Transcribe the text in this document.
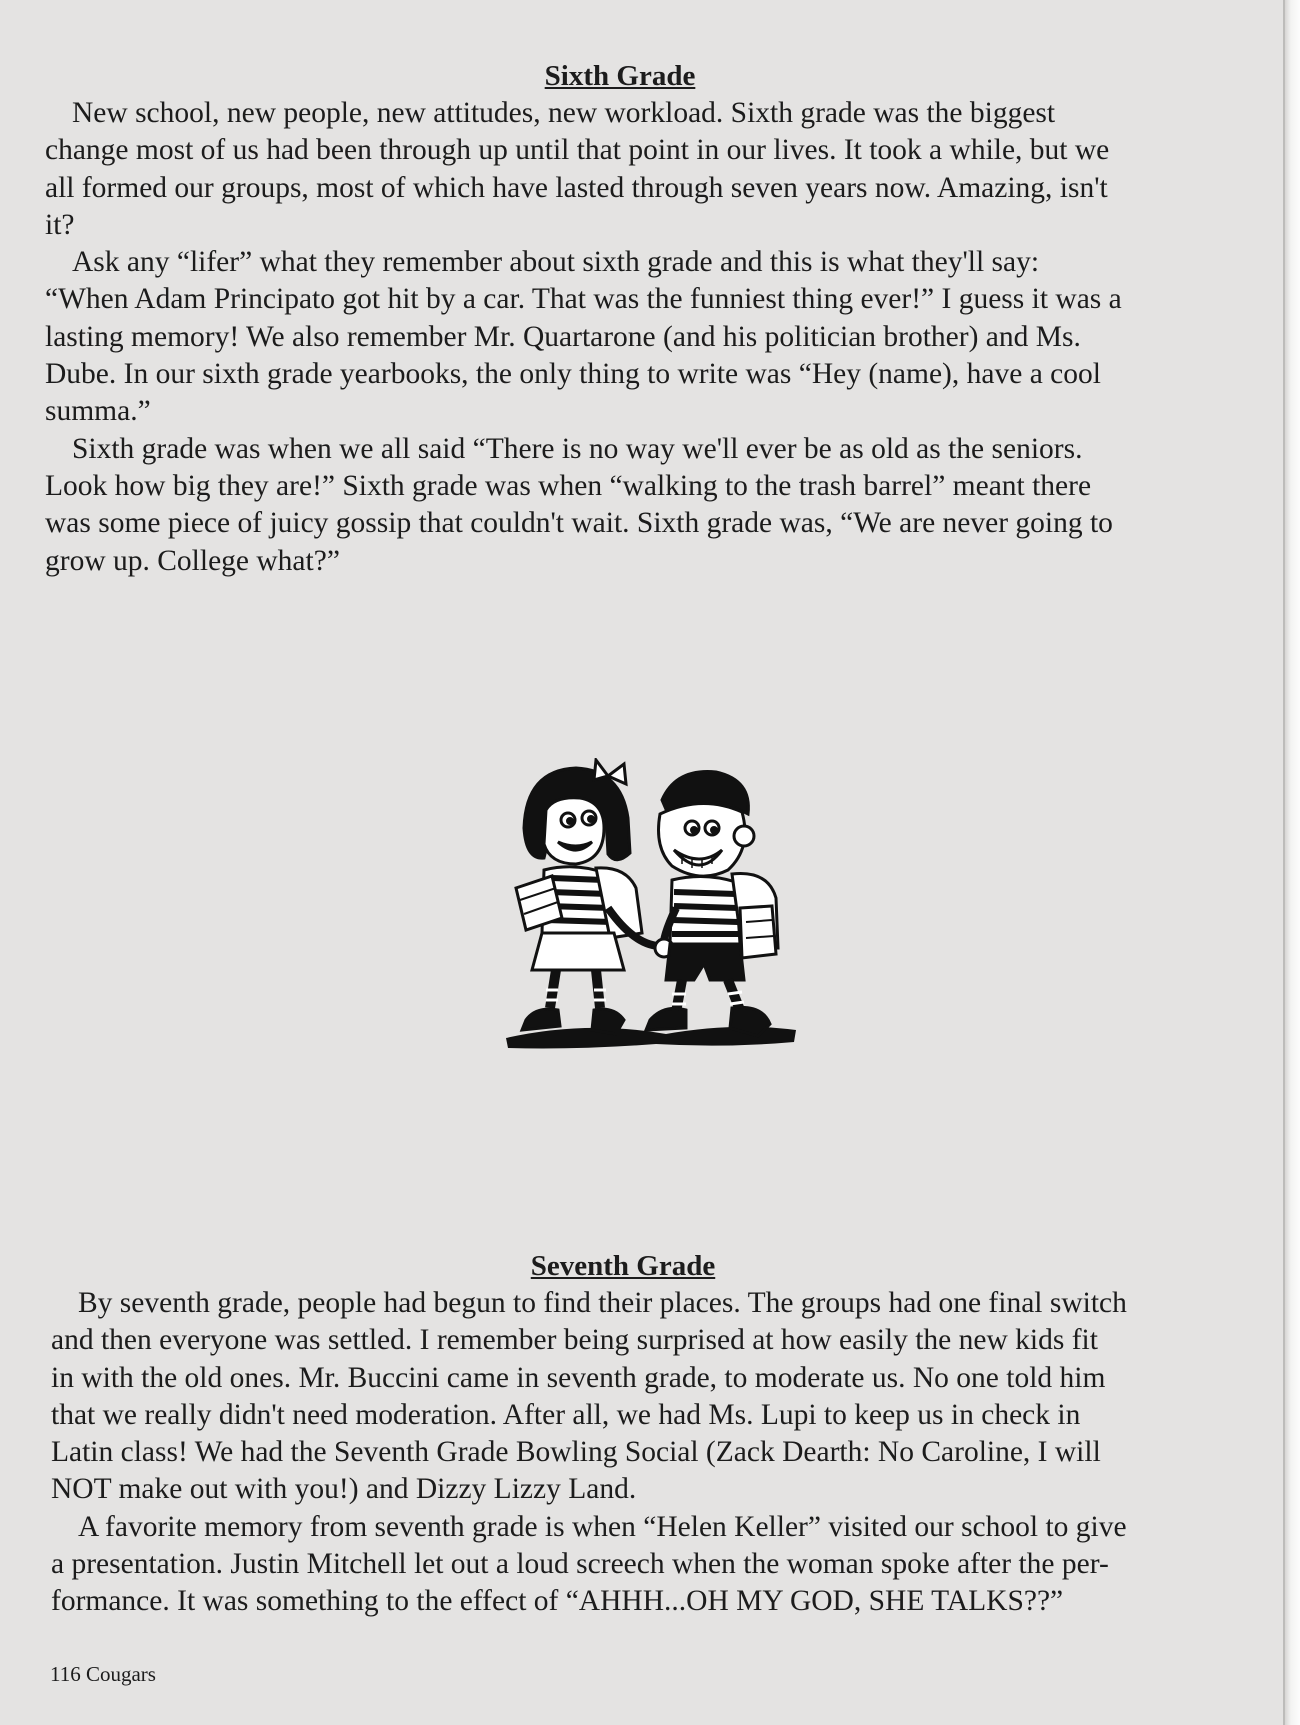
Sixth Grade

New school, new people, new attitudes, new workload. Sixth grade was the biggest
change most of us had been through up until that point in our lives. It took a while, but we
all formed our groups, most of which have lasted through seven years now. Amazing, isn't
it?

Ask any “lifer” what they remember about sixth grade and this is what they'll say:
“When Adam Principato got hit by a car. That was the funniest thing ever!” I guess it was a
lasting memory! We also remember Mr. Quartarone (and his politician brother) and Ms.
Dube. In our sixth grade yearbooks, the only thing to write was “Hey (name), have a cool
summa.”

Sixth grade was when we all said “There is no way we'll ever be as old as the seniors.
Look how big they are!” Sixth grade was when “walking to the trash barrel” meant there
was some piece of juicy gossip that couldn't wait. Sixth grade was, “We are never going to
grow up. College what?”

Seventh Grade

By seventh grade, people had begun to find their places. The groups had one final switch
and then everyone was settled. I remember being surprised at how easily the new kids fit
in with the old ones. Mr. Buccini came in seventh grade, to moderate us. No one told him
that we really didn't need moderation. After all, we had Ms. Lupi to keep us in check in
Latin class! We had the Seventh Grade Bowling Social (Zack Dearth: No Caroline, I will
NOT make out with you!) and Dizzy Lizzy Land.

A favorite memory from seventh grade is when “Helen Keller” visited our school to give
a presentation. Justin Mitchell let out a loud screech when the woman spoke after the per-
formance. It was something to the effect of “AHHH...OH MY GOD, SHE TALKS??”

116 Cougars
